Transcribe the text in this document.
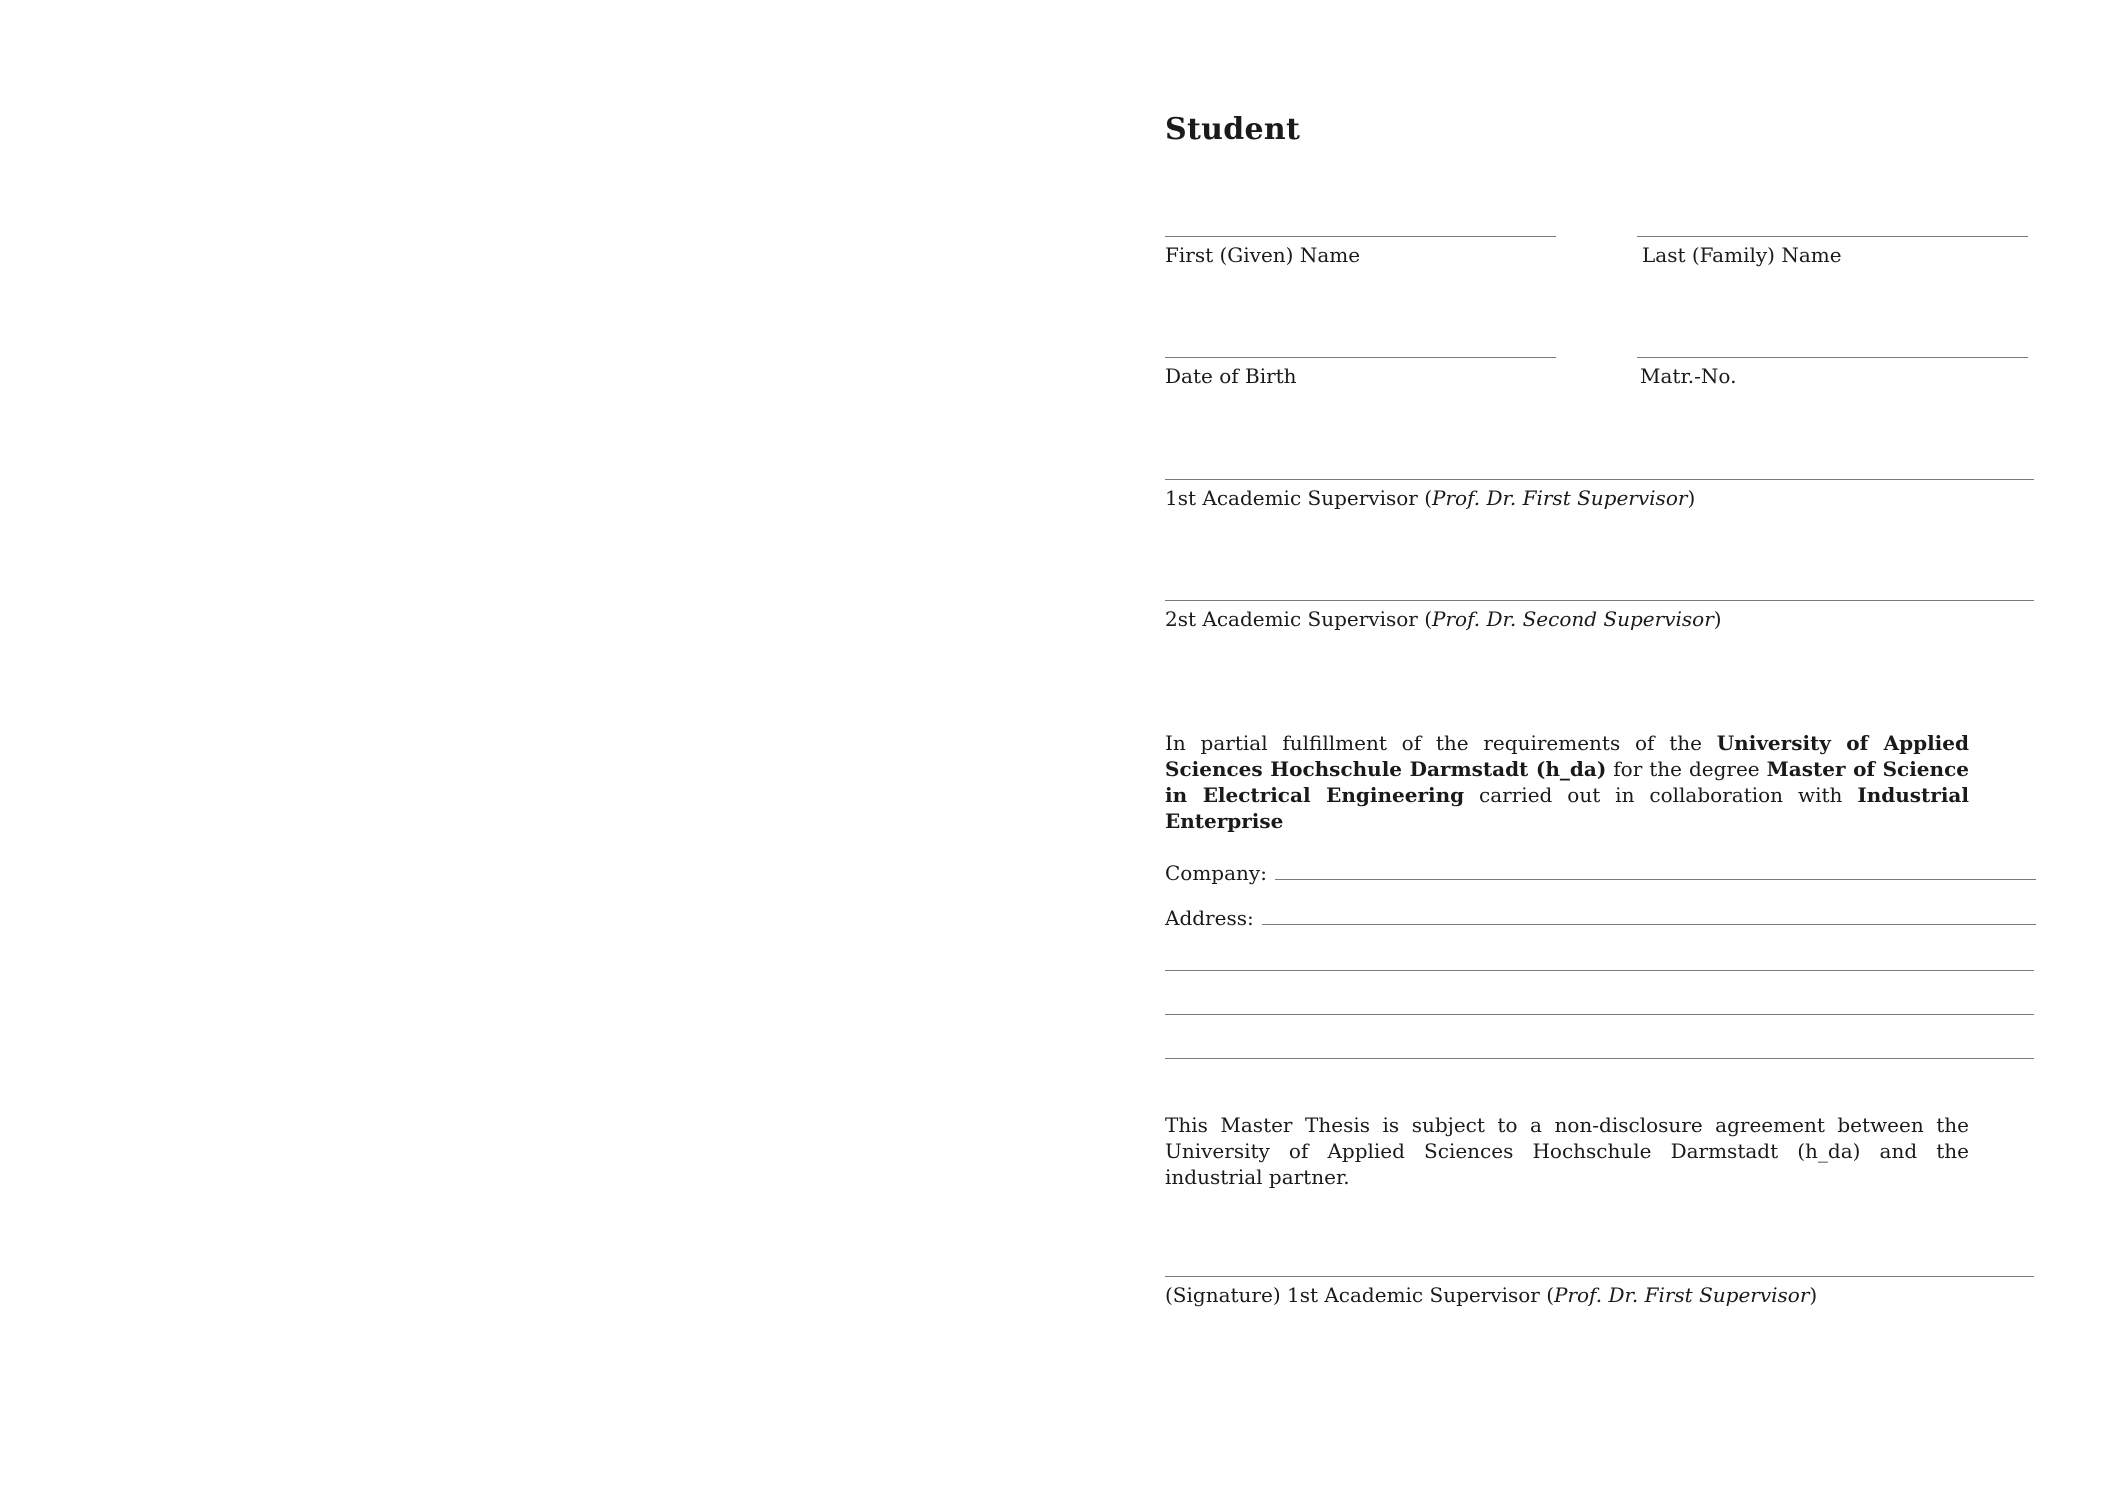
Student
First (Given) Name	Last (Family) Name
Date of Birth	Matr.-No.
1st Academic Supervisor (Prof. Dr. First Supervisor)
2st Academic Supervisor (Prof. Dr. Second Supervisor)

In partial fulfillment of the requirements of the University of Applied Sciences Hochschule Darmstadt (h_da) for the degree Master of Science in Electrical Engineering carried out in collaboration with Industrial Enterprise

Company:
Address:

This Master Thesis is subject to a non-disclosure agreement between the University of Applied Sciences Hochschule Darmstadt (h_da) and the industrial partner.

(Signature) 1st Academic Supervisor (Prof. Dr. First Supervisor)
